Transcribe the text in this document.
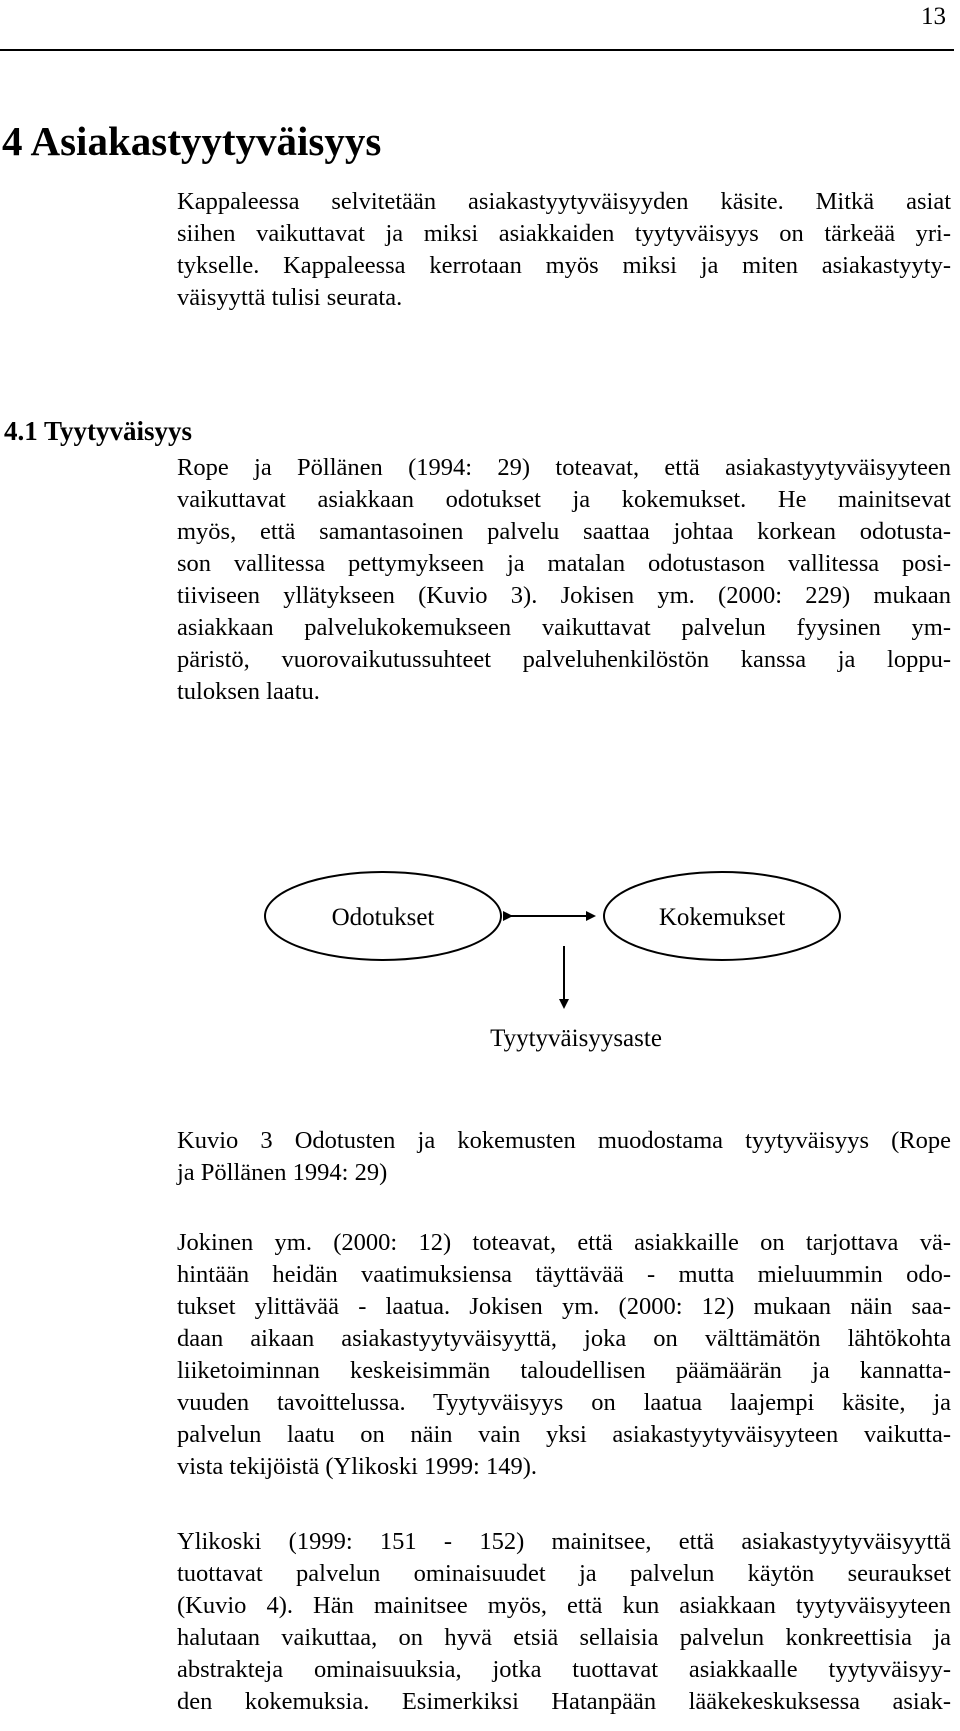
13
4 Asiakastyytyväisyys
Kappaleessa selvitetään asiakastyytyväisyyden käsite. Mitkä asiat
siihen vaikuttavat ja miksi asiakkaiden tyytyväisyys on tärkeää yri-
tykselle. Kappaleessa kerrotaan myös miksi ja miten asiakastyyty-
väisyyttä tulisi seurata.
4.1 Tyytyväisyys
Rope ja Pöllänen (1994: 29) toteavat, että asiakastyytyväisyyteen
vaikuttavat asiakkaan odotukset ja kokemukset. He mainitsevat
myös, että samantasoinen palvelu saattaa johtaa korkean odotusta-
son vallitessa pettymykseen ja matalan odotustason vallitessa posi-
tiiviseen yllätykseen (Kuvio 3). Jokisen ym. (2000: 229) mukaan
asiakkaan palvelukokemukseen vaikuttavat palvelun fyysinen ym-
päristö, vuorovaikutussuhteet palveluhenkilöstön kanssa ja loppu-
tuloksen laatu.
Odotukset	Kokemukset
Tyytyväisyysaste
Kuvio 3 Odotusten ja kokemusten muodostama tyytyväisyys (Rope
ja Pöllänen 1994: 29)
Jokinen ym. (2000: 12) toteavat, että asiakkaille on tarjottava vä-
hintään heidän vaatimuksiensa täyttävää - mutta mieluummin odo-
tukset ylittävää - laatua. Jokisen ym. (2000: 12) mukaan näin saa-
daan aikaan asiakastyytyväisyyttä, joka on välttämätön lähtökohta
liiketoiminnan keskeisimmän taloudellisen päämäärän ja kannatta-
vuuden tavoittelussa. Tyytyväisyys on laatua laajempi käsite, ja
palvelun laatu on näin vain yksi asiakastyytyväisyyteen vaikutta-
vista tekijöistä (Ylikoski 1999: 149).
Ylikoski (1999: 151 - 152) mainitsee, että asiakastyytyväisyyttä
tuottavat palvelun ominaisuudet ja palvelun käytön seuraukset
(Kuvio 4). Hän mainitsee myös, että kun asiakkaan tyytyväisyyteen
halutaan vaikuttaa, on hyvä etsiä sellaisia palvelun konkreettisia ja
abstrakteja ominaisuuksia, jotka tuottavat asiakkaalle tyytyväisyy-
den kokemuksia. Esimerkiksi Hatanpään lääkekeskuksessa asiak-
